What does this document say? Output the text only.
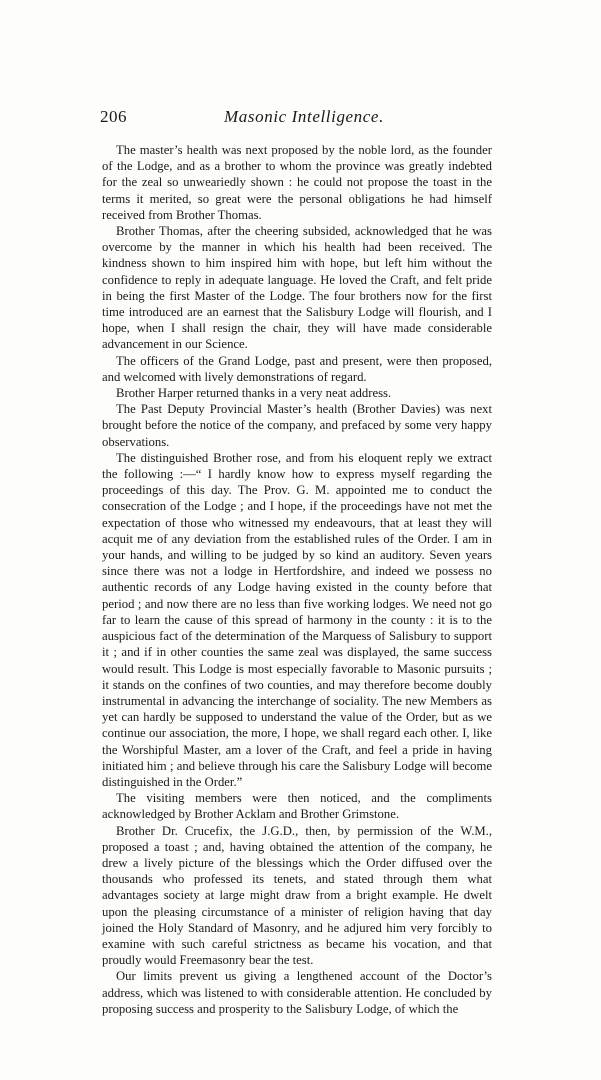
206	Masonic Intelligence.

The master’s health was next proposed by the noble lord, as the founder of the Lodge, and as a brother to whom the province was greatly indebted for the zeal so unweariedly shown : he could not propose the toast in the terms it merited, so great were the personal obligations he had himself received from Brother Thomas.

Brother Thomas, after the cheering subsided, acknowledged that he was overcome by the manner in which his health had been received. The kindness shown to him inspired him with hope, but left him without the confidence to reply in adequate language. He loved the Craft, and felt pride in being the first Master of the Lodge. The four brothers now for the first time introduced are an earnest that the Salisbury Lodge will flourish, and I hope, when I shall resign the chair, they will have made considerable advancement in our Science.

The officers of the Grand Lodge, past and present, were then proposed, and welcomed with lively demonstrations of regard.

Brother Harper returned thanks in a very neat address.

The Past Deputy Provincial Master’s health (Brother Davies) was next brought before the notice of the company, and prefaced by some very happy observations.

The distinguished Brother rose, and from his eloquent reply we extract the following :—“ I hardly know how to express myself regarding the proceedings of this day. The Prov. G. M. appointed me to conduct the consecration of the Lodge ; and I hope, if the proceedings have not met the expectation of those who witnessed my endeavours, that at least they will acquit me of any deviation from the established rules of the Order. I am in your hands, and willing to be judged by so kind an auditory. Seven years since there was not a lodge in Hertfordshire, and indeed we possess no authentic records of any Lodge having existed in the county before that period ; and now there are no less than five working lodges. We need not go far to learn the cause of this spread of harmony in the county : it is to the auspicious fact of the determination of the Marquess of Salisbury to support it ; and if in other counties the same zeal was displayed, the same success would result. This Lodge is most especially favorable to Masonic pursuits ; it stands on the confines of two counties, and may therefore become doubly instrumental in advancing the interchange of sociality. The new Members as yet can hardly be supposed to understand the value of the Order, but as we continue our association, the more, I hope, we shall regard each other. I, like the Worshipful Master, am a lover of the Craft, and feel a pride in having initiated him ; and believe through his care the Salisbury Lodge will become distinguished in the Order.”

The visiting members were then noticed, and the compliments acknowledged by Brother Acklam and Brother Grimstone.

Brother Dr. Crucefix, the J.G.D., then, by permission of the W.M., proposed a toast ; and, having obtained the attention of the company, he drew a lively picture of the blessings which the Order diffused over the thousands who professed its tenets, and stated through them what advantages society at large might draw from a bright example. He dwelt upon the pleasing circumstance of a minister of religion having that day joined the Holy Standard of Masonry, and he adjured him very forcibly to examine with such careful strictness as became his vocation, and that proudly would Freemasonry bear the test.

Our limits prevent us giving a lengthened account of the Doctor’s address, which was listened to with considerable attention. He concluded by proposing success and prosperity to the Salisbury Lodge, of which the
